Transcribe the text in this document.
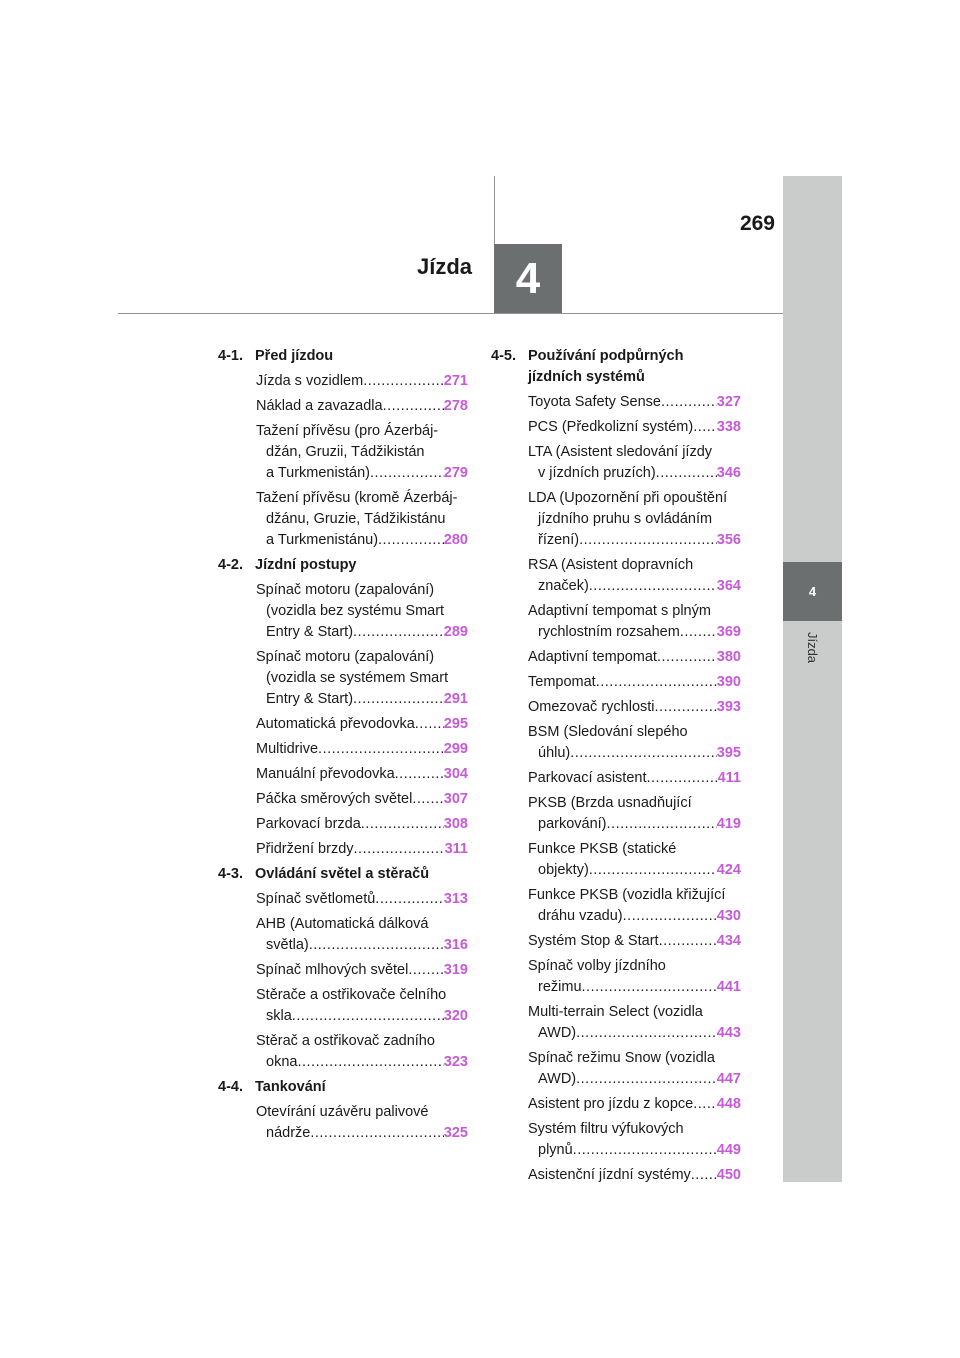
4
Jízda
4
269
Jízda
4-1. Před jízdou
Jízda s vozidlem .....	271
Náklad a zavazadla .....	278
Tažení přívěsu (pro Ázerbáj-
džán, Gruzii, Tádžikistán
a Turkmenistán) .....	279
Tažení přívěsu (kromě Ázerbáj-
džánu, Gruzie, Tádžikistánu
a Turkmenistánu) .....	280
4-2. Jízdní postupy
Spínač motoru (zapalování)
(vozidla bez systému Smart
Entry & Start) .....	289
Spínač motoru (zapalování)
(vozidla se systémem Smart
Entry & Start) .....	291
Automatická převodovka ..... 295
Multidrive .....	299
Manuální převodovka .....	304
Páčka směrových světel ..... 307
Parkovací brzda .....	308
Přidržení brzdy .....	311
4-3. Ovládání světel a stěračů
Spínač světlometů .....	313
AHB (Automatická dálková
světla) .....	316
Spínač mlhových světel ..... 319
Stěrače a ostřikovače čelního
skla .....	320
Stěrač a ostřikovač zadního
okna .....	323
4-4. Tankování
Otevírání uzávěru palivové
nádrže .....	325
4-5. Používání podpůrných
jízdních systémů
Toyota Safety Sense .....	327
PCS (Předkolizní systém) ..... 338
LTA (Asistent sledování jízdy
v jízdních pruzích) .....	346
LDA (Upozornění při opouštění
jízdního pruhu s ovládáním
řízení) .....	356
RSA (Asistent dopravních
značek) .....	364
Adaptivní tempomat s plným
rychlostním rozsahem .....	369
Adaptivní tempomat .....	380
Tempomat .....	390
Omezovač rychlosti .....	393
BSM (Sledování slepého
úhlu) .....	395
Parkovací asistent .....	411
PKSB (Brzda usnadňující
parkování) .....	419
Funkce PKSB (statické
objekty) .....	424
Funkce PKSB (vozidla křižující
dráhu vzadu) .....	430
Systém Stop & Start .....	434
Spínač volby jízdního
režimu .....	441
Multi-terrain Select (vozidla
AWD) .....	443
Spínač režimu Snow (vozidla
AWD) .....	447
Asistent pro jízdu z kopce ..... 448
Systém filtru výfukových
plynů .....	449
Asistenční jízdní systémy ..... 450
